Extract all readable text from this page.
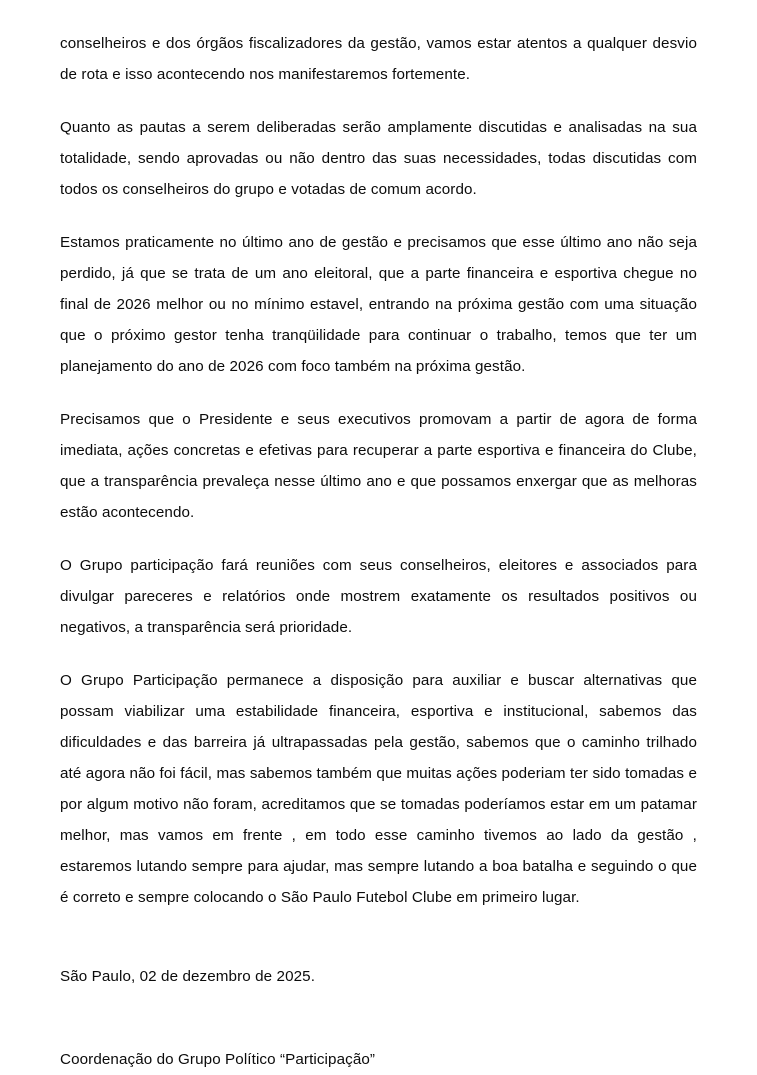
conselheiros e dos órgãos fiscalizadores da gestão, vamos estar atentos a qualquer desvio de rota e isso acontecendo nos manifestaremos fortemente.

Quanto as pautas a serem deliberadas serão amplamente discutidas e analisadas na sua totalidade, sendo aprovadas ou não dentro das suas necessidades, todas discutidas com todos os conselheiros do grupo e votadas de comum acordo.

Estamos praticamente no último ano de gestão e precisamos que esse último ano não seja perdido, já que se trata de um ano eleitoral, que a parte financeira e esportiva chegue no final de 2026 melhor ou no mínimo estavel, entrando na próxima gestão com uma situação que o próximo gestor tenha tranqüilidade para continuar o trabalho, temos que ter um planejamento do ano de 2026 com foco também na próxima gestão.

Precisamos que o Presidente e seus executivos promovam a partir de agora de forma imediata, ações concretas e efetivas para recuperar a parte esportiva e financeira do Clube, que a transparência prevaleça nesse último ano e que possamos enxergar que as melhoras estão acontecendo.

O Grupo participação fará reuniões com seus conselheiros, eleitores e associados para divulgar pareceres e relatórios onde mostrem exatamente os resultados positivos ou negativos, a transparência será prioridade.

O Grupo Participação permanece a disposição para auxiliar e buscar alternativas que possam viabilizar uma estabilidade financeira, esportiva e institucional, sabemos das dificuldades e das barreira já ultrapassadas pela gestão, sabemos que o caminho trilhado até agora não foi fácil, mas sabemos também que muitas ações poderiam ter sido tomadas e por algum motivo não foram, acreditamos que se tomadas poderíamos estar em um patamar melhor, mas vamos em frente , em todo esse caminho tivemos ao lado da gestão , estaremos lutando sempre para ajudar, mas sempre lutando a boa batalha e seguindo o que é correto e sempre colocando o São Paulo Futebol Clube em primeiro lugar.

São Paulo, 02 de dezembro de 2025.

Coordenação do Grupo Político “Participação”
